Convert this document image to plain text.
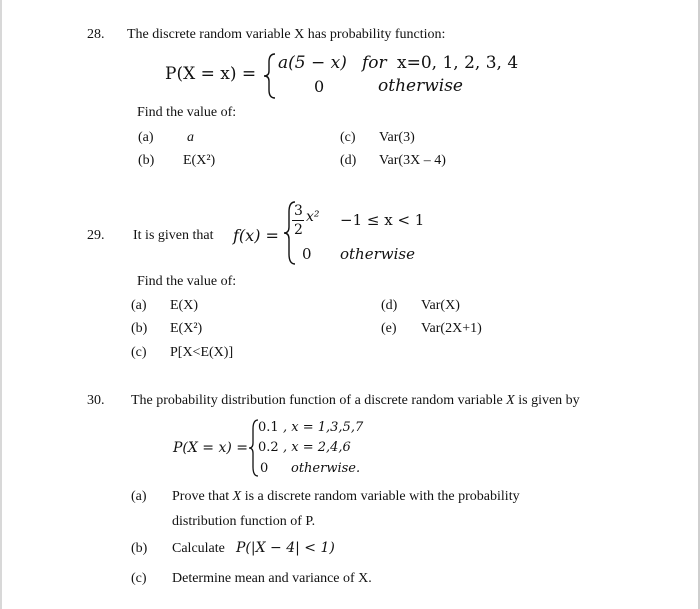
28. The discrete random variable X has probability function:
P(X = x) =
a(5 − x) for x=0, 1, 2, 3, 4
0	otherwise
Find the value of:
(a) a
(b) E(X²)
(c) Var(3)
(d) Var(3X – 4)
29. It is given that f(x) =
3
2
x² −1 ≤ x < 1
0 otherwise
Find the value of:
(a) E(X)
(b) E(X²)
(c) P[X<E(X)]
(d) Var(X)
(e) Var(2X+1)
30. The probability distribution function of a discrete random variable X is given by
P(X = x) =
0.1 , x = 1,3,5,7
0.2 , x = 2,4,6
0 otherwise.
(a) Prove that X is a discrete random variable with the probability
distribution function of P.
(b) Calculate P(|X − 4| < 1)
(c) Determine mean and variance of X.
